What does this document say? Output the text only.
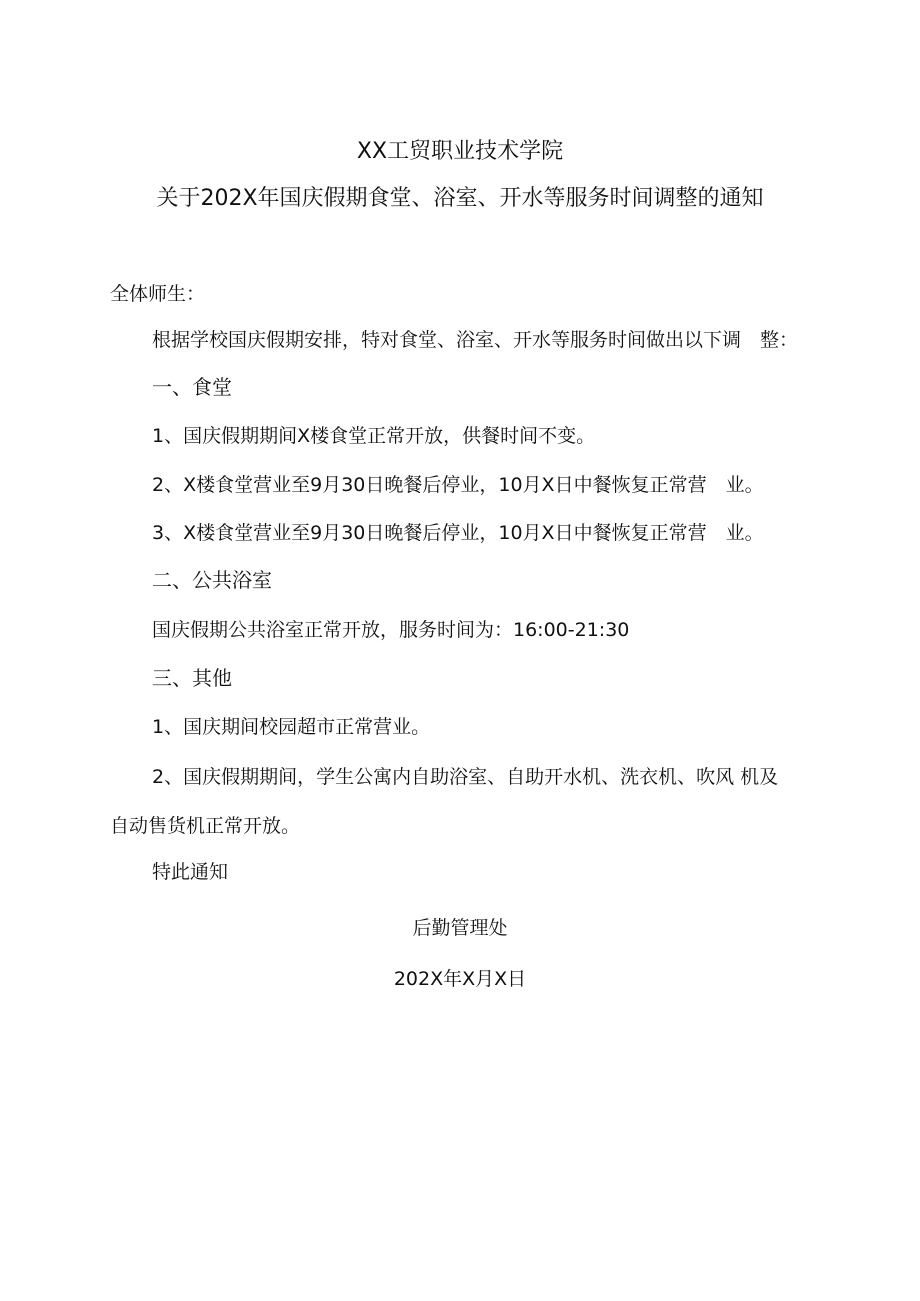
XX工贸职业技术学院
关于202X年国庆假期食堂、浴室、开水等服务时间调整的通知
全体师生：
根据学校国庆假期安排，特对食堂、浴室、开水等服务时间做出以下调　整：
一、食堂
1、国庆假期期间X楼食堂正常开放，供餐时间不变。
2、X楼食堂营业至9月30日晚餐后停业，10月X日中餐恢复正常营　业。
3、X楼食堂营业至9月30日晚餐后停业，10月X日中餐恢复正常营　业。
二、公共浴室
国庆假期公共浴室正常开放，服务时间为：16:00-21:30
三、其他
1、国庆期间校园超市正常营业。
2、国庆假期期间，学生公寓内自助浴室、自助开水机、洗衣机、吹风 机及
自动售货机正常开放。
特此通知
后勤管理处
202X年X月X日
